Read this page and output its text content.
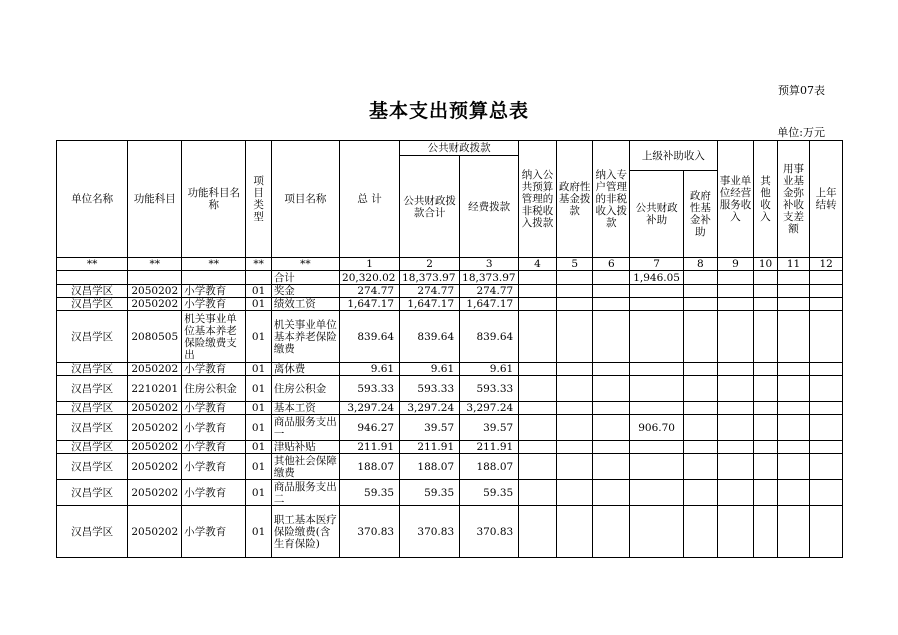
预算07表
基本支出预算总表
单位:万元
单位名称	功能科目	功能科目名称	项目类型	项目名称	总 计	公共财政拨款		纳入公共预算管理的非税收入拨款	政府性基金拨款	纳入专户管理的非税收入拨款	上级补助收入		事业单位经营服务收入	其他收入	用事业基金弥补收支差额	上年结转
						公共财政拨款合计	经费拨款									
											公共财政补助	政府性基金补助				
**	**	**	**	**	1	2	3	4	5	6	7	8	9	10	11	12
				合计	20,320.02	18,373.97	18,373.97				1,946.05					
汉昌学区	2050202	小学教育	01	奖金	274.77	274.77	274.77									
汉昌学区	2050202	小学教育	01	绩效工资	1,647.17	1,647.17	1,647.17									
汉昌学区	2080505	机关事业单位基本养老保险缴费支出	01	机关事业单位基本养老保险缴费	839.64	839.64	839.64									
汉昌学区	2050202	小学教育	01	离休费	9.61	9.61	9.61									
汉昌学区	2210201	住房公积金	01	住房公积金	593.33	593.33	593.33									
汉昌学区	2050202	小学教育	01	基本工资	3,297.24	3,297.24	3,297.24									
汉昌学区	2050202	小学教育	01	商品服务支出一	946.27	39.57	39.57				906.70					
汉昌学区	2050202	小学教育	01	津贴补贴	211.91	211.91	211.91									
汉昌学区	2050202	小学教育	01	其他社会保障缴费	188.07	188.07	188.07									
汉昌学区	2050202	小学教育	01	商品服务支出二	59.35	59.35	59.35									
汉昌学区	2050202	小学教育	01	职工基本医疗保险缴费(含生育保险)	370.83	370.83	370.83									
